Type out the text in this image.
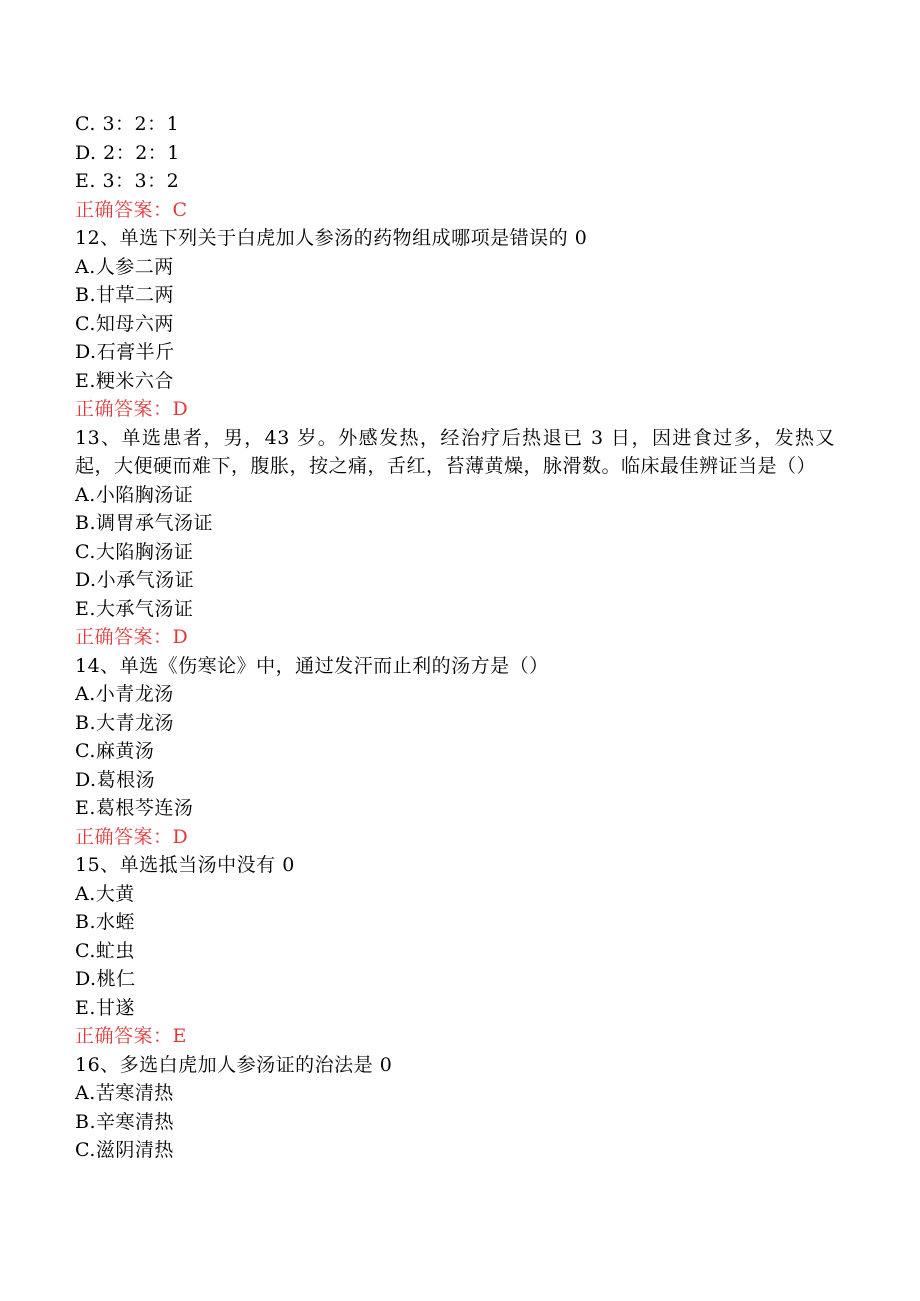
C. 3：2：1
D. 2：2：1
E. 3：3：2
正确答案：C
12、单选下列关于白虎加人参汤的药物组成哪项是错误的 0
A.人参二两
B.甘草二两
C.知母六两
D.石膏半斤
E.粳米六合
正确答案：D
13、单选患者，男，43 岁。外感发热，经治疗后热退已 3 日，因进食过多，发热又起，大便硬而难下，腹胀，按之痛，舌红，苔薄黄燥，脉滑数。临床最佳辨证当是（）
A.小陷胸汤证
B.调胃承气汤证
C.大陷胸汤证
D.小承气汤证
E.大承气汤证
正确答案：D
14、单选《伤寒论》中，通过发汗而止利的汤方是（）
A.小青龙汤
B.大青龙汤
C.麻黄汤
D.葛根汤
E.葛根芩连汤
正确答案：D
15、单选抵当汤中没有 0
A.大黄
B.水蛭
C.虻虫
D.桃仁
E.甘遂
正确答案：E
16、多选白虎加人参汤证的治法是 0
A.苦寒清热
B.辛寒清热
C.滋阴清热
